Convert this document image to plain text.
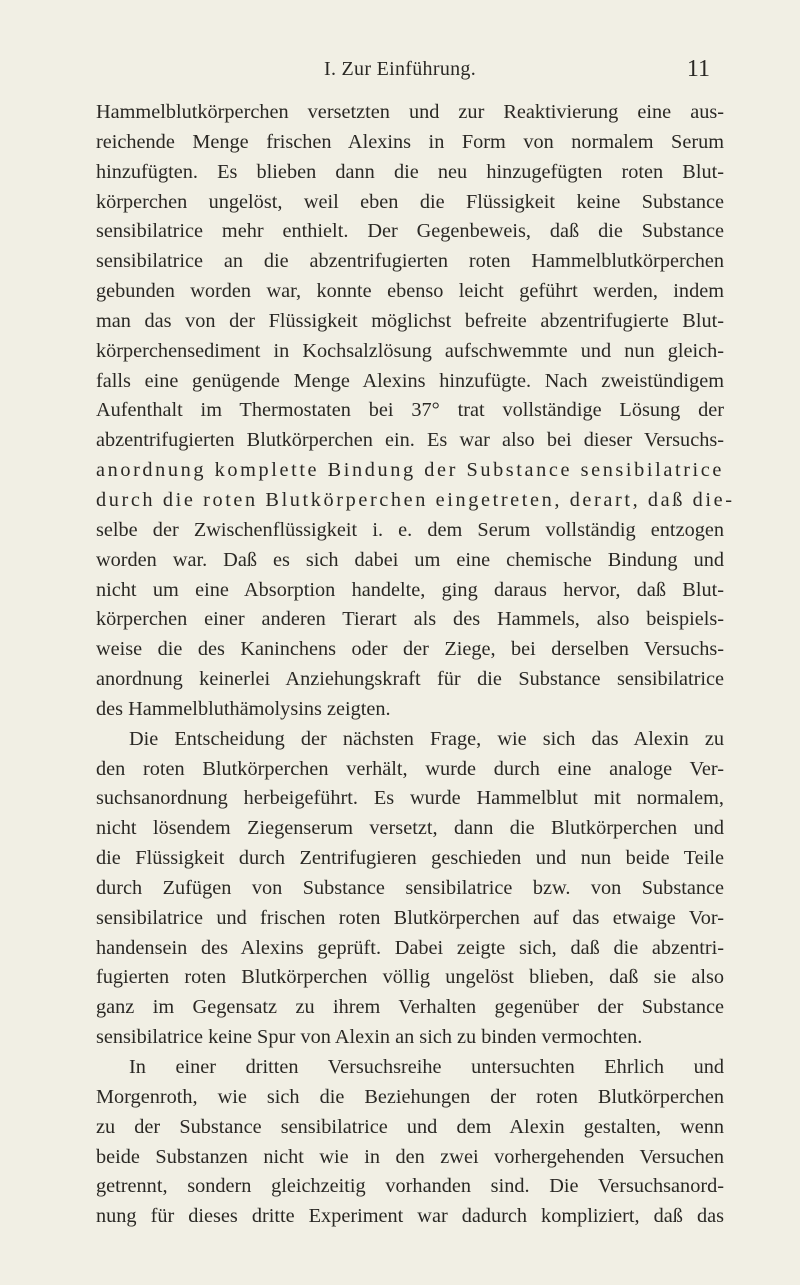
I. Zur Einführung.	11
Hammelblutkörperchen versetzten und zur Reaktivierung eine aus-
reichende Menge frischen Alexins in Form von normalem Serum
hinzufügten. Es blieben dann die neu hinzugefügten roten Blut-
körperchen ungelöst, weil eben die Flüssigkeit keine Substance
sensibilatrice mehr enthielt. Der Gegenbeweis, daß die Substance
sensibilatrice an die abzentrifugierten roten Hammelblutkörperchen
gebunden worden war, konnte ebenso leicht geführt werden, indem
man das von der Flüssigkeit möglichst befreite abzentrifugierte Blut-
körperchensediment in Kochsalzlösung aufschwemmte und nun gleich-
falls eine genügende Menge Alexins hinzufügte. Nach zweistündigem
Aufenthalt im Thermostaten bei 37° trat vollständige Lösung der
abzentrifugierten Blutkörperchen ein. Es war also bei dieser Versuchs-
anordnung komplette Bindung der Substance sensibilatrice
durch die roten Blutkörperchen eingetreten, derart, daß die-
selbe der Zwischenflüssigkeit i. e. dem Serum vollständig entzogen
worden war. Daß es sich dabei um eine chemische Bindung und
nicht um eine Absorption handelte, ging daraus hervor, daß Blut-
körperchen einer anderen Tierart als des Hammels, also beispiels-
weise die des Kaninchens oder der Ziege, bei derselben Versuchs-
anordnung keinerlei Anziehungskraft für die Substance sensibilatrice
des Hammelbluthämolysins zeigten.
Die Entscheidung der nächsten Frage, wie sich das Alexin zu
den roten Blutkörperchen verhält, wurde durch eine analoge Ver-
suchsanordnung herbeigeführt. Es wurde Hammelblut mit normalem,
nicht lösendem Ziegenserum versetzt, dann die Blutkörperchen und
die Flüssigkeit durch Zentrifugieren geschieden und nun beide Teile
durch Zufügen von Substance sensibilatrice bzw. von Substance
sensibilatrice und frischen roten Blutkörperchen auf das etwaige Vor-
handensein des Alexins geprüft. Dabei zeigte sich, daß die abzentri-
fugierten roten Blutkörperchen völlig ungelöst blieben, daß sie also
ganz im Gegensatz zu ihrem Verhalten gegenüber der Substance
sensibilatrice keine Spur von Alexin an sich zu binden vermochten.
In einer dritten Versuchsreihe untersuchten Ehrlich und
Morgenroth, wie sich die Beziehungen der roten Blutkörperchen
zu der Substance sensibilatrice und dem Alexin gestalten, wenn
beide Substanzen nicht wie in den zwei vorhergehenden Versuchen
getrennt, sondern gleichzeitig vorhanden sind. Die Versuchsanord-
nung für dieses dritte Experiment war dadurch kompliziert, daß das
